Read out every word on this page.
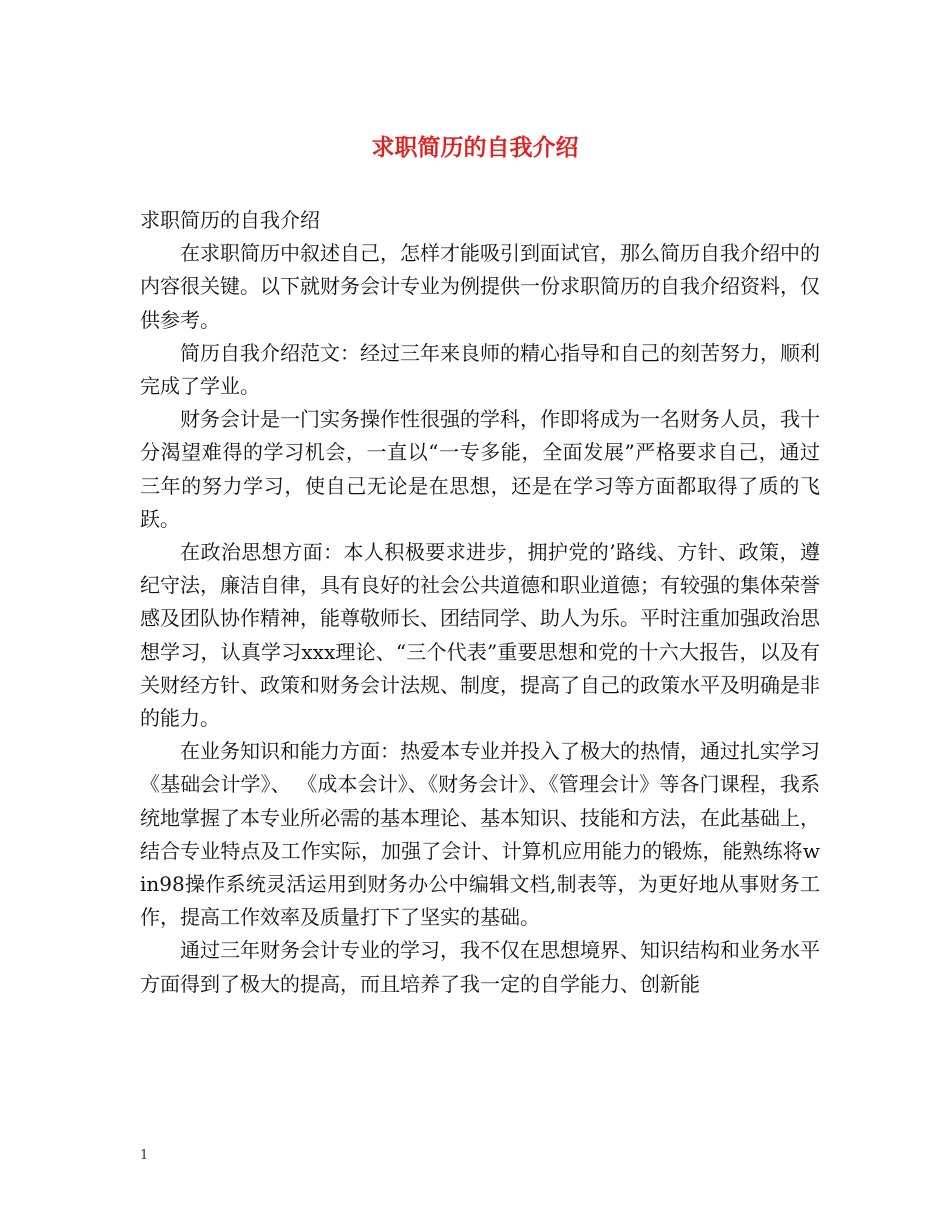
求职简历的自我介绍

求职简历的自我介绍

在求职简历中叙述自己，怎样才能吸引到面试官，那么简历自我介绍中的内容很关键。以下就财务会计专业为例提供一份求职简历的自我介绍资料，仅供参考。

简历自我介绍范文：经过三年来良师的精心指导和自己的刻苦努力，顺利完成了学业。

财务会计是一门实务操作性很强的学科，作即将成为一名财务人员，我十分渴望难得的学习机会，一直以“一专多能，全面发展”严格要求自己，通过三年的努力学习，使自己无论是在思想，还是在学习等方面都取得了质的飞跃。

在政治思想方面：本人积极要求进步，拥护党的’路线、方针、政策，遵纪守法，廉洁自律，具有良好的社会公共道德和职业道德；有较强的集体荣誉感及团队协作精神，能尊敬师长、团结同学、助人为乐。平时注重加强政治思想学习，认真学习xxx理论、“三个代表”重要思想和党的十六大报告，以及有关财经方针、政策和财务会计法规、制度，提高了自己的政策水平及明确是非的能力。

在业务知识和能力方面：热爱本专业并投入了极大的热情，通过扎实学习《基础会计学》、 《成本会计》、《财务会计》、《管理会计》等各门课程，我系统地掌握了本专业所必需的基本理论、基本知识、技能和方法，在此基础上，结合专业特点及工作实际，加强了会计、计算机应用能力的锻炼，能熟练将win98操作系统灵活运用到财务办公中编辑文档,制表等，为更好地从事财务工作，提高工作效率及质量打下了坚实的基础。

通过三年财务会计专业的学习，我不仅在思想境界、知识结构和业务水平方面得到了极大的提高，而且培养了我一定的自学能力、创新能

1
